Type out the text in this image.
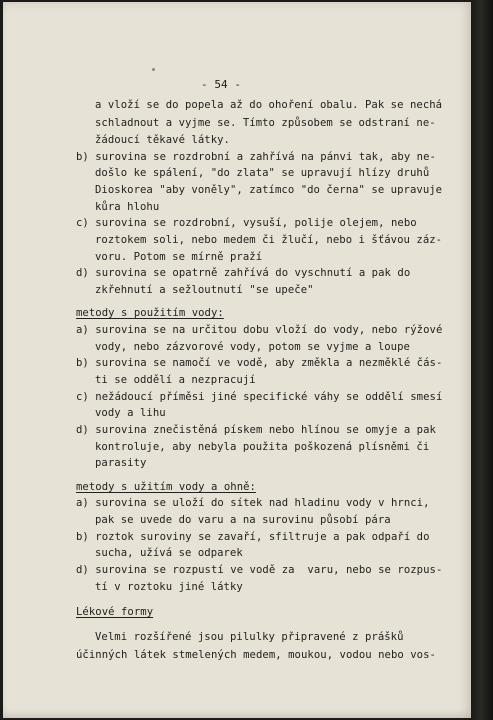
- 54 -
a vloží se do popela až do ohoření obalu. Pak se nechá
schladnout a vyjme se. Tímto způsobem se odstraní ne-
žádoucí těkavé látky.
b) surovina se rozdrobní a zahřívá na pánvi tak, aby ne-
došlo ke spálení, "do zlata" se upravují hlízy druhů
Dioskorea "aby voněly", zatímco "do černa" se upravuje
kůra hlohu
c) surovina se rozdrobní, vysuší, polije olejem, nebo
roztokem soli, nebo medem či žlučí, nebo i šťávou záz-
voru. Potom se mírně praží
d) surovina se opatrně zahřívá do vyschnutí a pak do
zkřehnutí a sežloutnutí "se upeče"
metody s použitím vody:
a) surovina se na určitou dobu vloží do vody, nebo rýžové
vody, nebo zázvorové vody, potom se vyjme a loupe
b) surovina se namočí ve vodě, aby změkla a nezměklé čás-
ti se oddělí a nezpracují
c) nežádoucí příměsi jiné specifické váhy se oddělí smesí
vody a lihu
d) surovina znečistěná pískem nebo hlínou se omyje a pak
kontroluje, aby nebyla použita poškozená plísněmi či
parasity
metody s užitím vody a ohně:
a) surovina se uloží do sítek nad hladinu vody v hrnci,
pak se uvede do varu a na surovinu působí pára
b) roztok suroviny se zavaří, sfiltruje a pak odpaří do
sucha, užívá se odparek
d) surovina se rozpustí ve vodě za  varu, nebo se rozpus-
tí v roztoku jiné látky
Lékové formy
Velmi rozšířené jsou pilulky připravené z prášků
účinných látek stmelených medem, moukou, vodou nebo vos-
